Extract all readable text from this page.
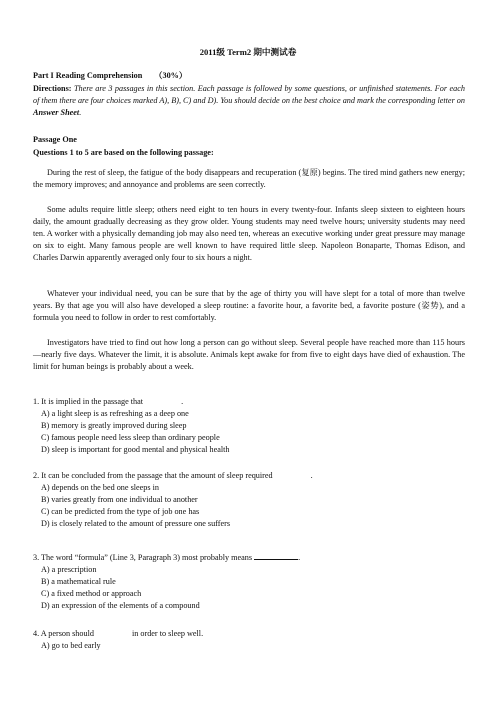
2011级 Term2 期中测试卷
Part I Reading Comprehension （30%）
Directions: There are 3 passages in this section. Each passage is followed by some questions, or unfinished statements. For each of them there are four choices marked A), B), C) and D). You should decide on the best choice and mark the corresponding letter on Answer Sheet.
Passage One
Questions 1 to 5 are based on the following passage:
During the rest of sleep, the fatigue of the body disappears and recuperation (复原) begins. The tired mind gathers new energy; the memory improves; and annoyance and problems are seen correctly.
Some adults require little sleep; others need eight to ten hours in every twenty-four. Infants sleep sixteen to eighteen hours daily, the amount gradually decreasing as they grow older. Young students may need twelve hours; university students may need ten. A worker with a physically demanding job may also need ten, whereas an executive working under great pressure may manage on six to eight. Many famous people are well known to have required little sleep. Napoleon Bonaparte, Thomas Edison, and Charles Darwin apparently averaged only four to six hours a night.
Whatever your individual need, you can be sure that by the age of thirty you will have slept for a total of more than twelve years. By that age you will also have developed a sleep routine: a favorite hour, a favorite bed, a favorite posture (姿势), and a formula you need to follow in order to rest comfortably.
Investigators have tried to find out how long a person can go without sleep. Several people have reached more than 115 hours—nearly five days. Whatever the limit, it is absolute. Animals kept awake for from five to eight days have died of exhaustion. The limit for human beings is probably about a week.
1. It is implied in the passage that	.
A) a light sleep is as refreshing as a deep one
B) memory is greatly improved during sleep
C) famous people need less sleep than ordinary people
D) sleep is important for good mental and physical health
2. It can be concluded from the passage that the amount of sleep required	.
A) depends on the bed one sleeps in
B) varies greatly from one individual to another
C) can be predicted from the type of job one has
D) is closely related to the amount of pressure one suffers
3. The word “formula” (Line 3, Paragraph 3) most probably means	.
A) a prescription
B) a mathematical rule
C) a fixed method or approach
D) an expression of the elements of a compound
4. A person should	in order to sleep well.
A) go to bed early
